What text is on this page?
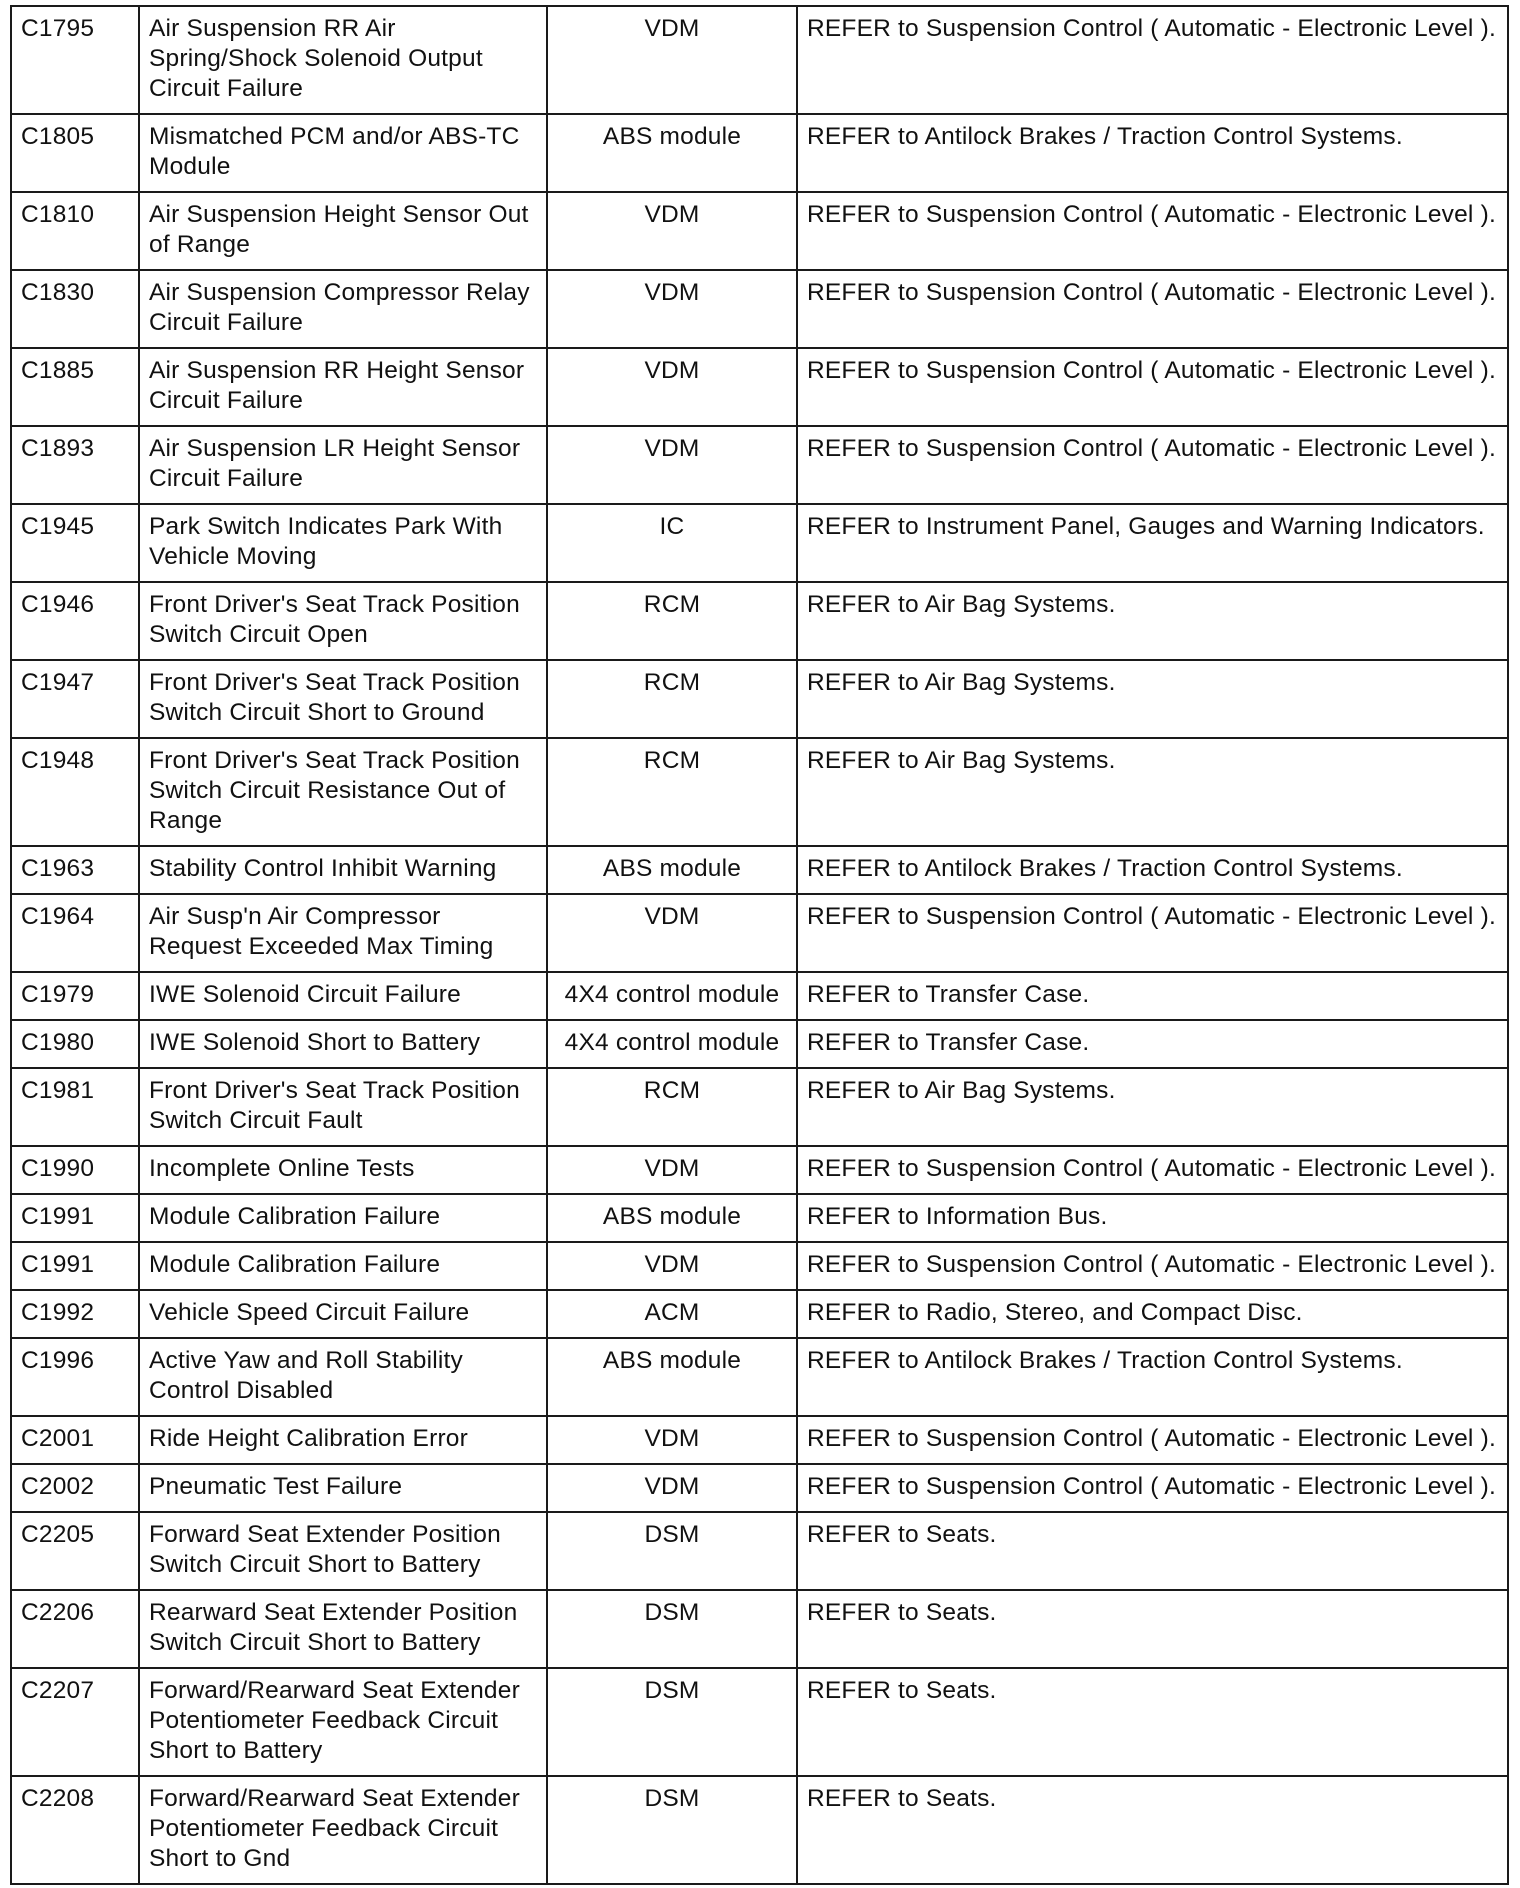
C1795	Air Suspension RR Air Spring/Shock Solenoid Output Circuit Failure	VDM	REFER to Suspension Control ( Automatic - Electronic Level ).
C1805	Mismatched PCM and/or ABS-TC Module	ABS module	REFER to Antilock Brakes / Traction Control Systems.
C1810	Air Suspension Height Sensor Out of Range	VDM	REFER to Suspension Control ( Automatic - Electronic Level ).
C1830	Air Suspension Compressor Relay Circuit Failure	VDM	REFER to Suspension Control ( Automatic - Electronic Level ).
C1885	Air Suspension RR Height Sensor Circuit Failure	VDM	REFER to Suspension Control ( Automatic - Electronic Level ).
C1893	Air Suspension LR Height Sensor Circuit Failure	VDM	REFER to Suspension Control ( Automatic - Electronic Level ).
C1945	Park Switch Indicates Park With Vehicle Moving	IC	REFER to Instrument Panel, Gauges and Warning Indicators.
C1946	Front Driver's Seat Track Position Switch Circuit Open	RCM	REFER to Air Bag Systems.
C1947	Front Driver's Seat Track Position Switch Circuit Short to Ground	RCM	REFER to Air Bag Systems.
C1948	Front Driver's Seat Track Position Switch Circuit Resistance Out of Range	RCM	REFER to Air Bag Systems.
C1963	Stability Control Inhibit Warning	ABS module	REFER to Antilock Brakes / Traction Control Systems.
C1964	Air Susp'n Air Compressor Request Exceeded Max Timing	VDM	REFER to Suspension Control ( Automatic - Electronic Level ).
C1979	IWE Solenoid Circuit Failure	4X4 control module	REFER to Transfer Case.
C1980	IWE Solenoid Short to Battery	4X4 control module	REFER to Transfer Case.
C1981	Front Driver's Seat Track Position Switch Circuit Fault	RCM	REFER to Air Bag Systems.
C1990	Incomplete Online Tests	VDM	REFER to Suspension Control ( Automatic - Electronic Level ).
C1991	Module Calibration Failure	ABS module	REFER to Information Bus.
C1991	Module Calibration Failure	VDM	REFER to Suspension Control ( Automatic - Electronic Level ).
C1992	Vehicle Speed Circuit Failure	ACM	REFER to Radio, Stereo, and Compact Disc.
C1996	Active Yaw and Roll Stability Control Disabled	ABS module	REFER to Antilock Brakes / Traction Control Systems.
C2001	Ride Height Calibration Error	VDM	REFER to Suspension Control ( Automatic - Electronic Level ).
C2002	Pneumatic Test Failure	VDM	REFER to Suspension Control ( Automatic - Electronic Level ).
C2205	Forward Seat Extender Position Switch Circuit Short to Battery	DSM	REFER to Seats.
C2206	Rearward Seat Extender Position Switch Circuit Short to Battery	DSM	REFER to Seats.
C2207	Forward/Rearward Seat Extender Potentiometer Feedback Circuit Short to Battery	DSM	REFER to Seats.
C2208	Forward/Rearward Seat Extender Potentiometer Feedback Circuit Short to Gnd	DSM	REFER to Seats.
